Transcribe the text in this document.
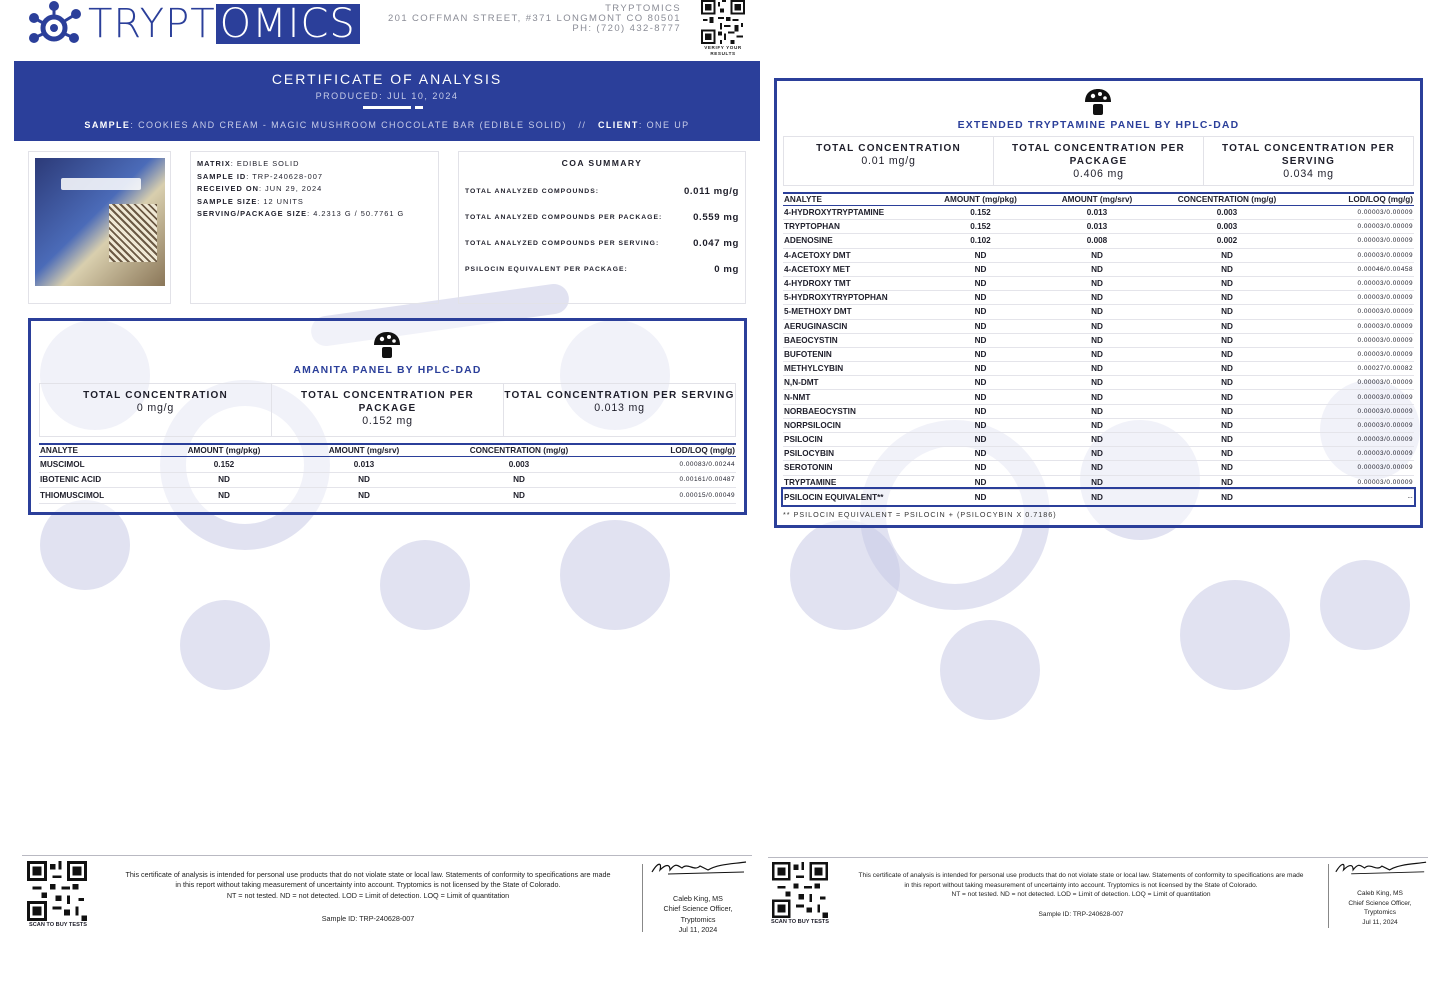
TRYPT OMICS	TRYPTOMICS
201 COFFMAN STREET, #371 LONGMONT CO 80501
PH: (720) 432-8777
VERIFY YOUR RESULTS
CERTIFICATE OF ANALYSIS
PRODUCED: JUL 10, 2024
SAMPLE: COOKIES AND CREAM - MAGIC MUSHROOM CHOCOLATE BAR (EDIBLE SOLID) // CLIENT: ONE UP
MATRIX: EDIBLE SOLID
SAMPLE ID: TRP-240628-007
RECEIVED ON: JUN 29, 2024
SAMPLE SIZE: 12 UNITS
SERVING/PACKAGE SIZE: 4.2313 G / 50.7761 G
COA SUMMARY
TOTAL ANALYZED COMPOUNDS:	0.011 mg/g
TOTAL ANALYZED COMPOUNDS PER PACKAGE:	0.559 mg
TOTAL ANALYZED COMPOUNDS PER SERVING:	0.047 mg
PSILOCIN EQUIVALENT PER PACKAGE:	0 mg
AMANITA PANEL BY HPLC-DAD
TOTAL CONCENTRATION
0 mg/g
TOTAL CONCENTRATION PER PACKAGE
0.152 mg
TOTAL CONCENTRATION PER SERVING
0.013 mg
ANALYTE	AMOUNT (mg/pkg)	AMOUNT (mg/srv)	CONCENTRATION (mg/g)	LOD/LOQ (mg/g)
MUSCIMOL	0.152	0.013	0.003	0.00083/0.00244
IBOTENIC ACID	ND	ND	ND	0.00161/0.00487
THIOMUSCIMOL	ND	ND	ND	0.00015/0.00049
EXTENDED TRYPTAMINE PANEL BY HPLC-DAD
TOTAL CONCENTRATION
0.01 mg/g
TOTAL CONCENTRATION PER PACKAGE
0.406 mg
TOTAL CONCENTRATION PER SERVING
0.034 mg
ANALYTE	AMOUNT (mg/pkg)	AMOUNT (mg/srv)	CONCENTRATION (mg/g)	LOD/LOQ (mg/g)
4-HYDROXYTRYPTAMINE	0.152	0.013	0.003	0.00003/0.00009
TRYPTOPHAN	0.152	0.013	0.003	0.00003/0.00009
ADENOSINE	0.102	0.008	0.002	0.00003/0.00009
4-ACETOXY DMT	ND	ND	ND	0.00003/0.00009
4-ACETOXY MET	ND	ND	ND	0.00046/0.00458
4-HYDROXY TMT	ND	ND	ND	0.00003/0.00009
5-HYDROXYTRYPTOPHAN	ND	ND	ND	0.00003/0.00009
5-METHOXY DMT	ND	ND	ND	0.00003/0.00009
AERUGINASCIN	ND	ND	ND	0.00003/0.00009
BAEOCYSTIN	ND	ND	ND	0.00003/0.00009
BUFOTENIN	ND	ND	ND	0.00003/0.00009
METHYLCYBIN	ND	ND	ND	0.00027/0.00082
N,N-DMT	ND	ND	ND	0.00003/0.00009
N-NMT	ND	ND	ND	0.00003/0.00009
NORBAEOCYSTIN	ND	ND	ND	0.00003/0.00009
NORPSILOCIN	ND	ND	ND	0.00003/0.00009
PSILOCIN	ND	ND	ND	0.00003/0.00009
PSILOCYBIN	ND	ND	ND	0.00003/0.00009
SEROTONIN	ND	ND	ND	0.00003/0.00009
TRYPTAMINE	ND	ND	ND	0.00003/0.00009
PSILOCIN EQUIVALENT**	ND	ND	ND	--
** PSILOCIN EQUIVALENT = PSILOCIN + (PSILOCYBIN X 0.7186)
SCAN TO BUY TESTS
This certificate of analysis is intended for personal use products that do not violate state or local law. Statements of conformity to specifications are made
in this report without taking measurement of uncertainty into account. Tryptomics is not licensed by the State of Colorado.
NT = not tested. ND = not detected. LOD = Limit of detection. LOQ = Limit of quantitation
Sample ID: TRP-240628-007
Caleb King, MS
Chief Science Officer,
Tryptomics
Jul 11, 2024
SCAN TO BUY TESTS
This certificate of analysis is intended for personal use products that do not violate state or local law. Statements of conformity to specifications are made
in this report without taking measurement of uncertainty into account. Tryptomics is not licensed by the State of Colorado.
NT = not tested. ND = not detected. LOD = Limit of detection. LOQ = Limit of quantitation
Sample ID: TRP-240628-007
Caleb King, MS
Chief Science Officer,
Tryptomics
Jul 11, 2024
